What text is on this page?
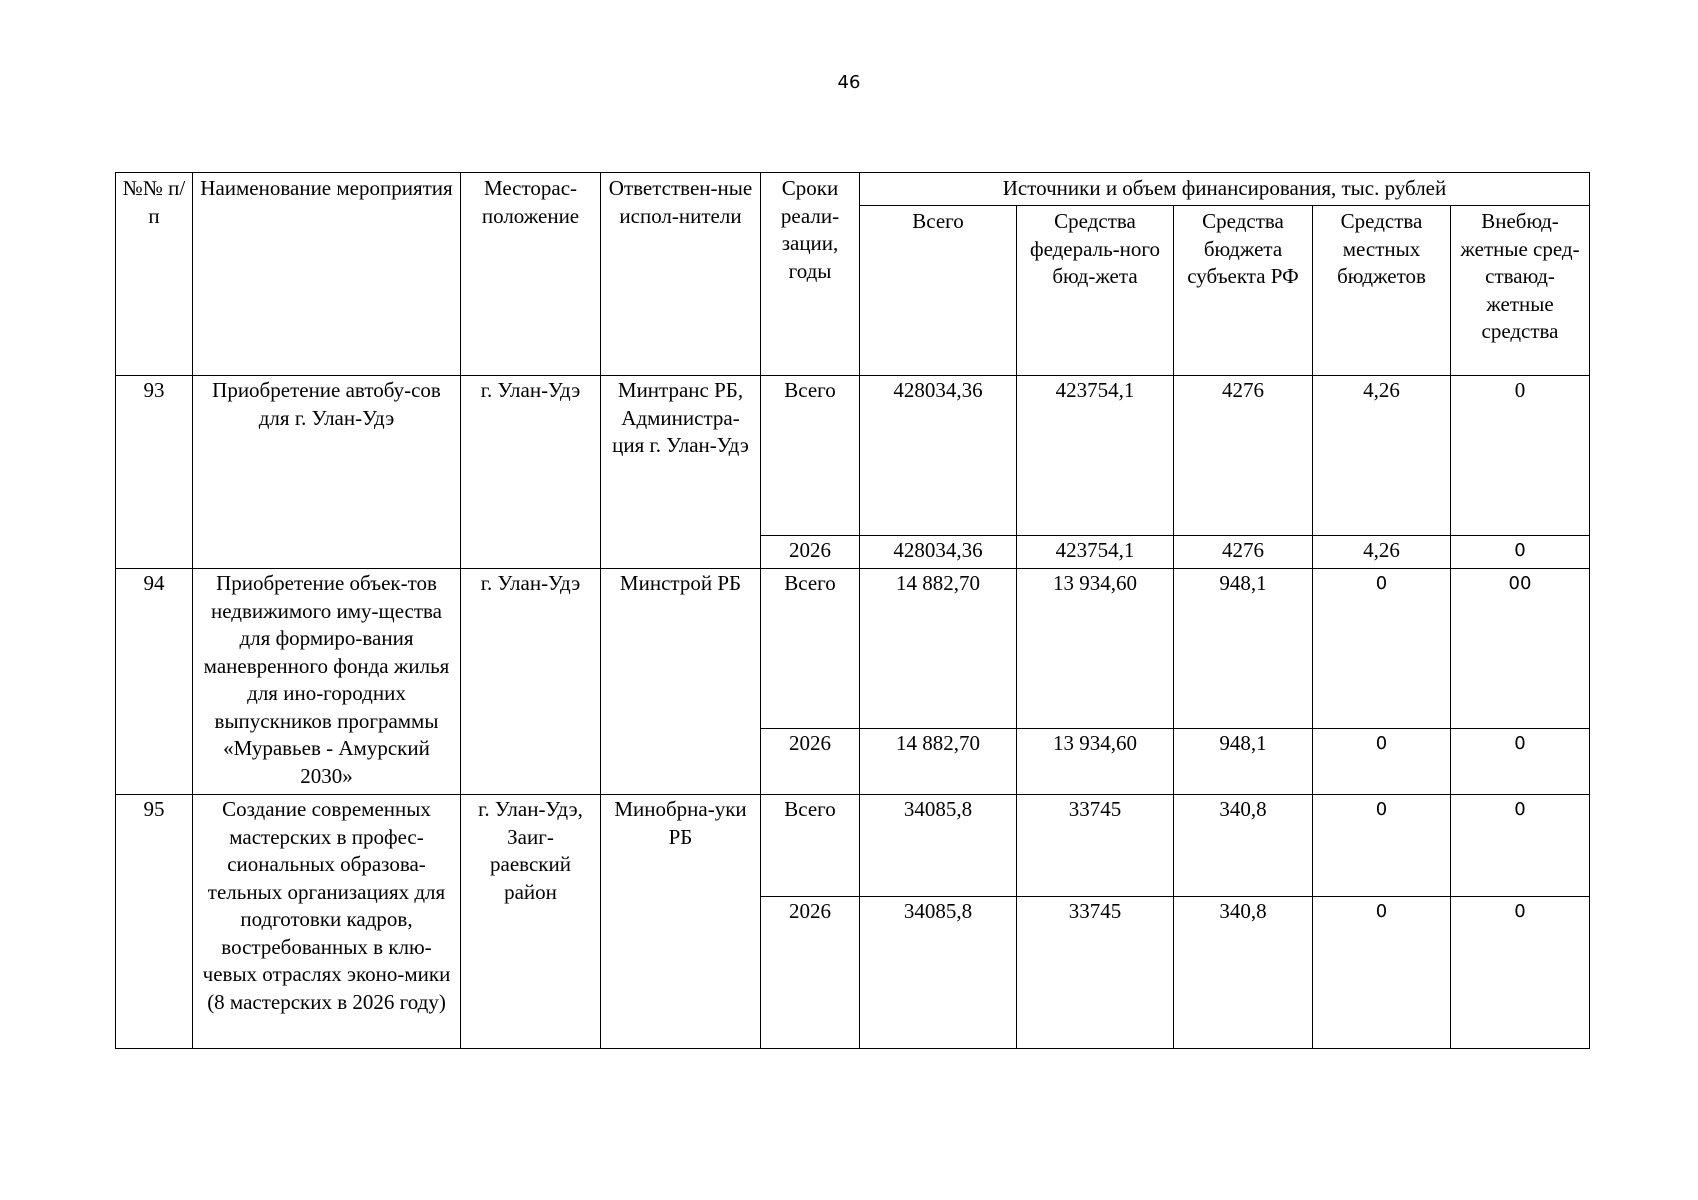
46
№№ п/п	Наименование мероприятия	Месторас-положение	Ответствен-ные испол-нители	Сроки реали-зации, годы	Источники и объем финансирования, тыс. рублей				
					Всего	Средства федераль-ного бюд-жета	Средства бюджета субъекта РФ	Средства местных бюджетов	Внебюд-жетные сред-стваюд-жетные средства
93	Приобретение автобу-сов для г. Улан-Удэ	г. Улан-Удэ	Минтранс РБ, Администра-ция г. Улан-Удэ	Всего	428034,36	423754,1	4276	4,26	0
				2026	428034,36	423754,1	4276	4,26	0
94	Приобретение объек-тов недвижимого иму-щества для формиро-вания маневренного фонда жилья для ино-городних выпускников программы «Муравьев - Амурский 2030»	г. Улан-Удэ	Минстрой РБ	Всего	14 882,70	13 934,60	948,1	0	00
				2026	14 882,70	13 934,60	948,1	0	0
95	Создание современных мастерских в профес-сиональных образова-тельных организациях для подготовки кадров, востребованных в клю-чевых отраслях эконо-мики (8 мастерских в 2026 году)	г. Улан-Удэ, Заиг-раевский район	Минобрна-уки РБ	Всего	34085,8	33745	340,8	0	0
				2026	34085,8	33745	340,8	0	0
